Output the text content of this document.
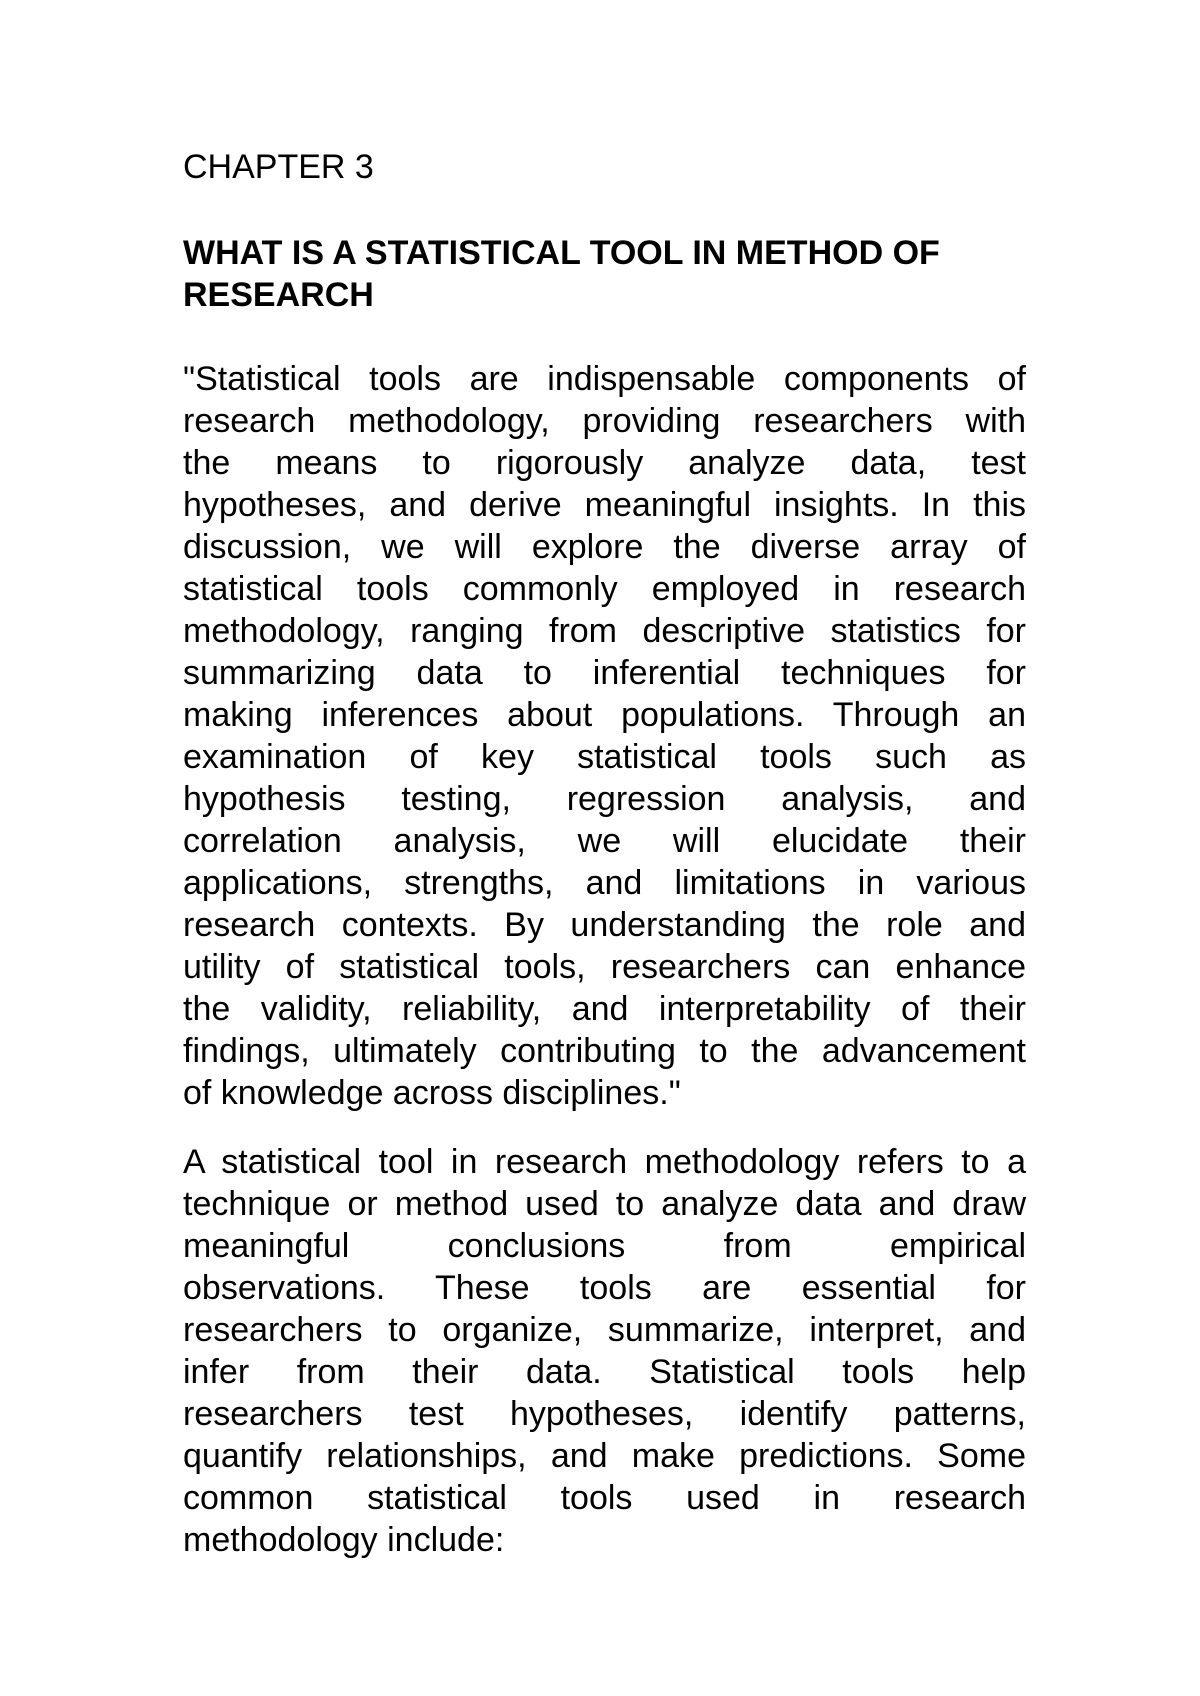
CHAPTER 3
WHAT IS A STATISTICAL TOOL IN METHOD OF
RESEARCH
"Statistical tools are indispensable components of
research methodology, providing researchers with
the means to rigorously analyze data, test
hypotheses, and derive meaningful insights. In this
discussion, we will explore the diverse array of
statistical tools commonly employed in research
methodology, ranging from descriptive statistics for
summarizing data to inferential techniques for
making inferences about populations. Through an
examination of key statistical tools such as
hypothesis testing, regression analysis, and
correlation analysis, we will elucidate their
applications, strengths, and limitations in various
research contexts. By understanding the role and
utility of statistical tools, researchers can enhance
the validity, reliability, and interpretability of their
findings, ultimately contributing to the advancement
of knowledge across disciplines."
A statistical tool in research methodology refers to a
technique or method used to analyze data and draw
meaningful conclusions from empirical
observations. These tools are essential for
researchers to organize, summarize, interpret, and
infer from their data. Statistical tools help
researchers test hypotheses, identify patterns,
quantify relationships, and make predictions. Some
common statistical tools used in research
methodology include:
